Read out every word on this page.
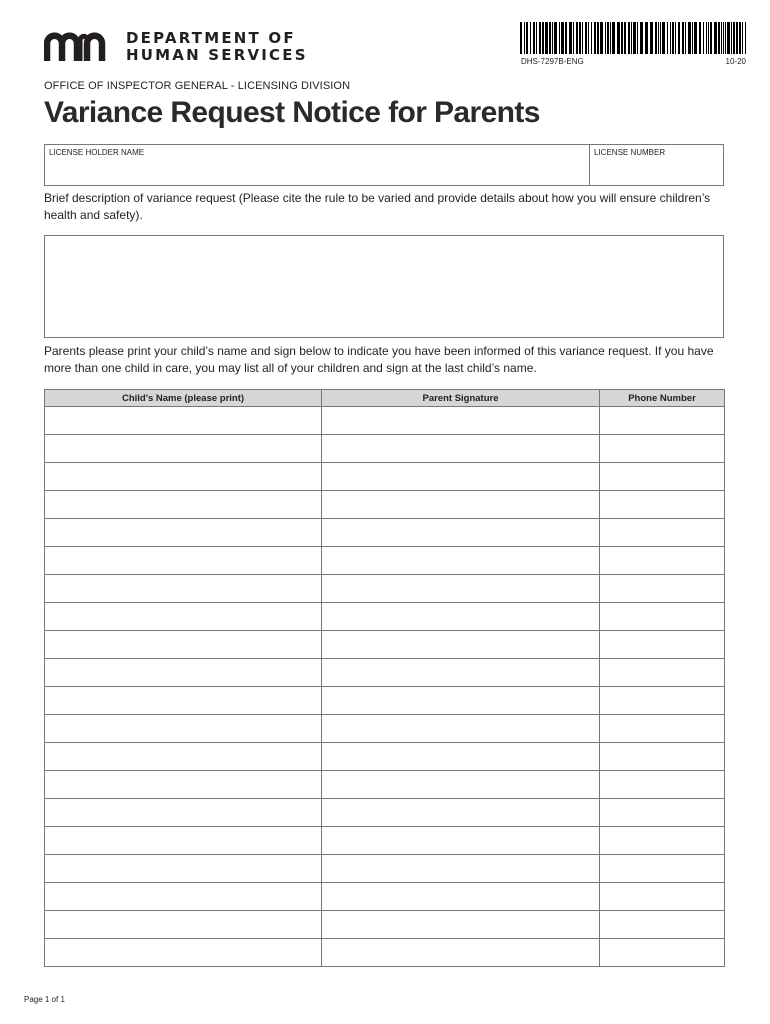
DEPARTMENT OF
HUMAN SERVICES	DHS-7297B-ENG	10-20
OFFICE OF INSPECTOR GENERAL - LICENSING DIVISION
Variance Request Notice for Parents
LICENSE HOLDER NAME	LICENSE NUMBER
Brief description of variance request (Please cite the rule to be varied and provide details about how you will ensure children’s health and safety).
Parents please print your child’s name and sign below to indicate you have been informed of this variance request. If you have more than one child in care, you may list all of your children and sign at the last child’s name.
Child's Name (please print)	Parent Signature	Phone Number

Page 1 of 1
